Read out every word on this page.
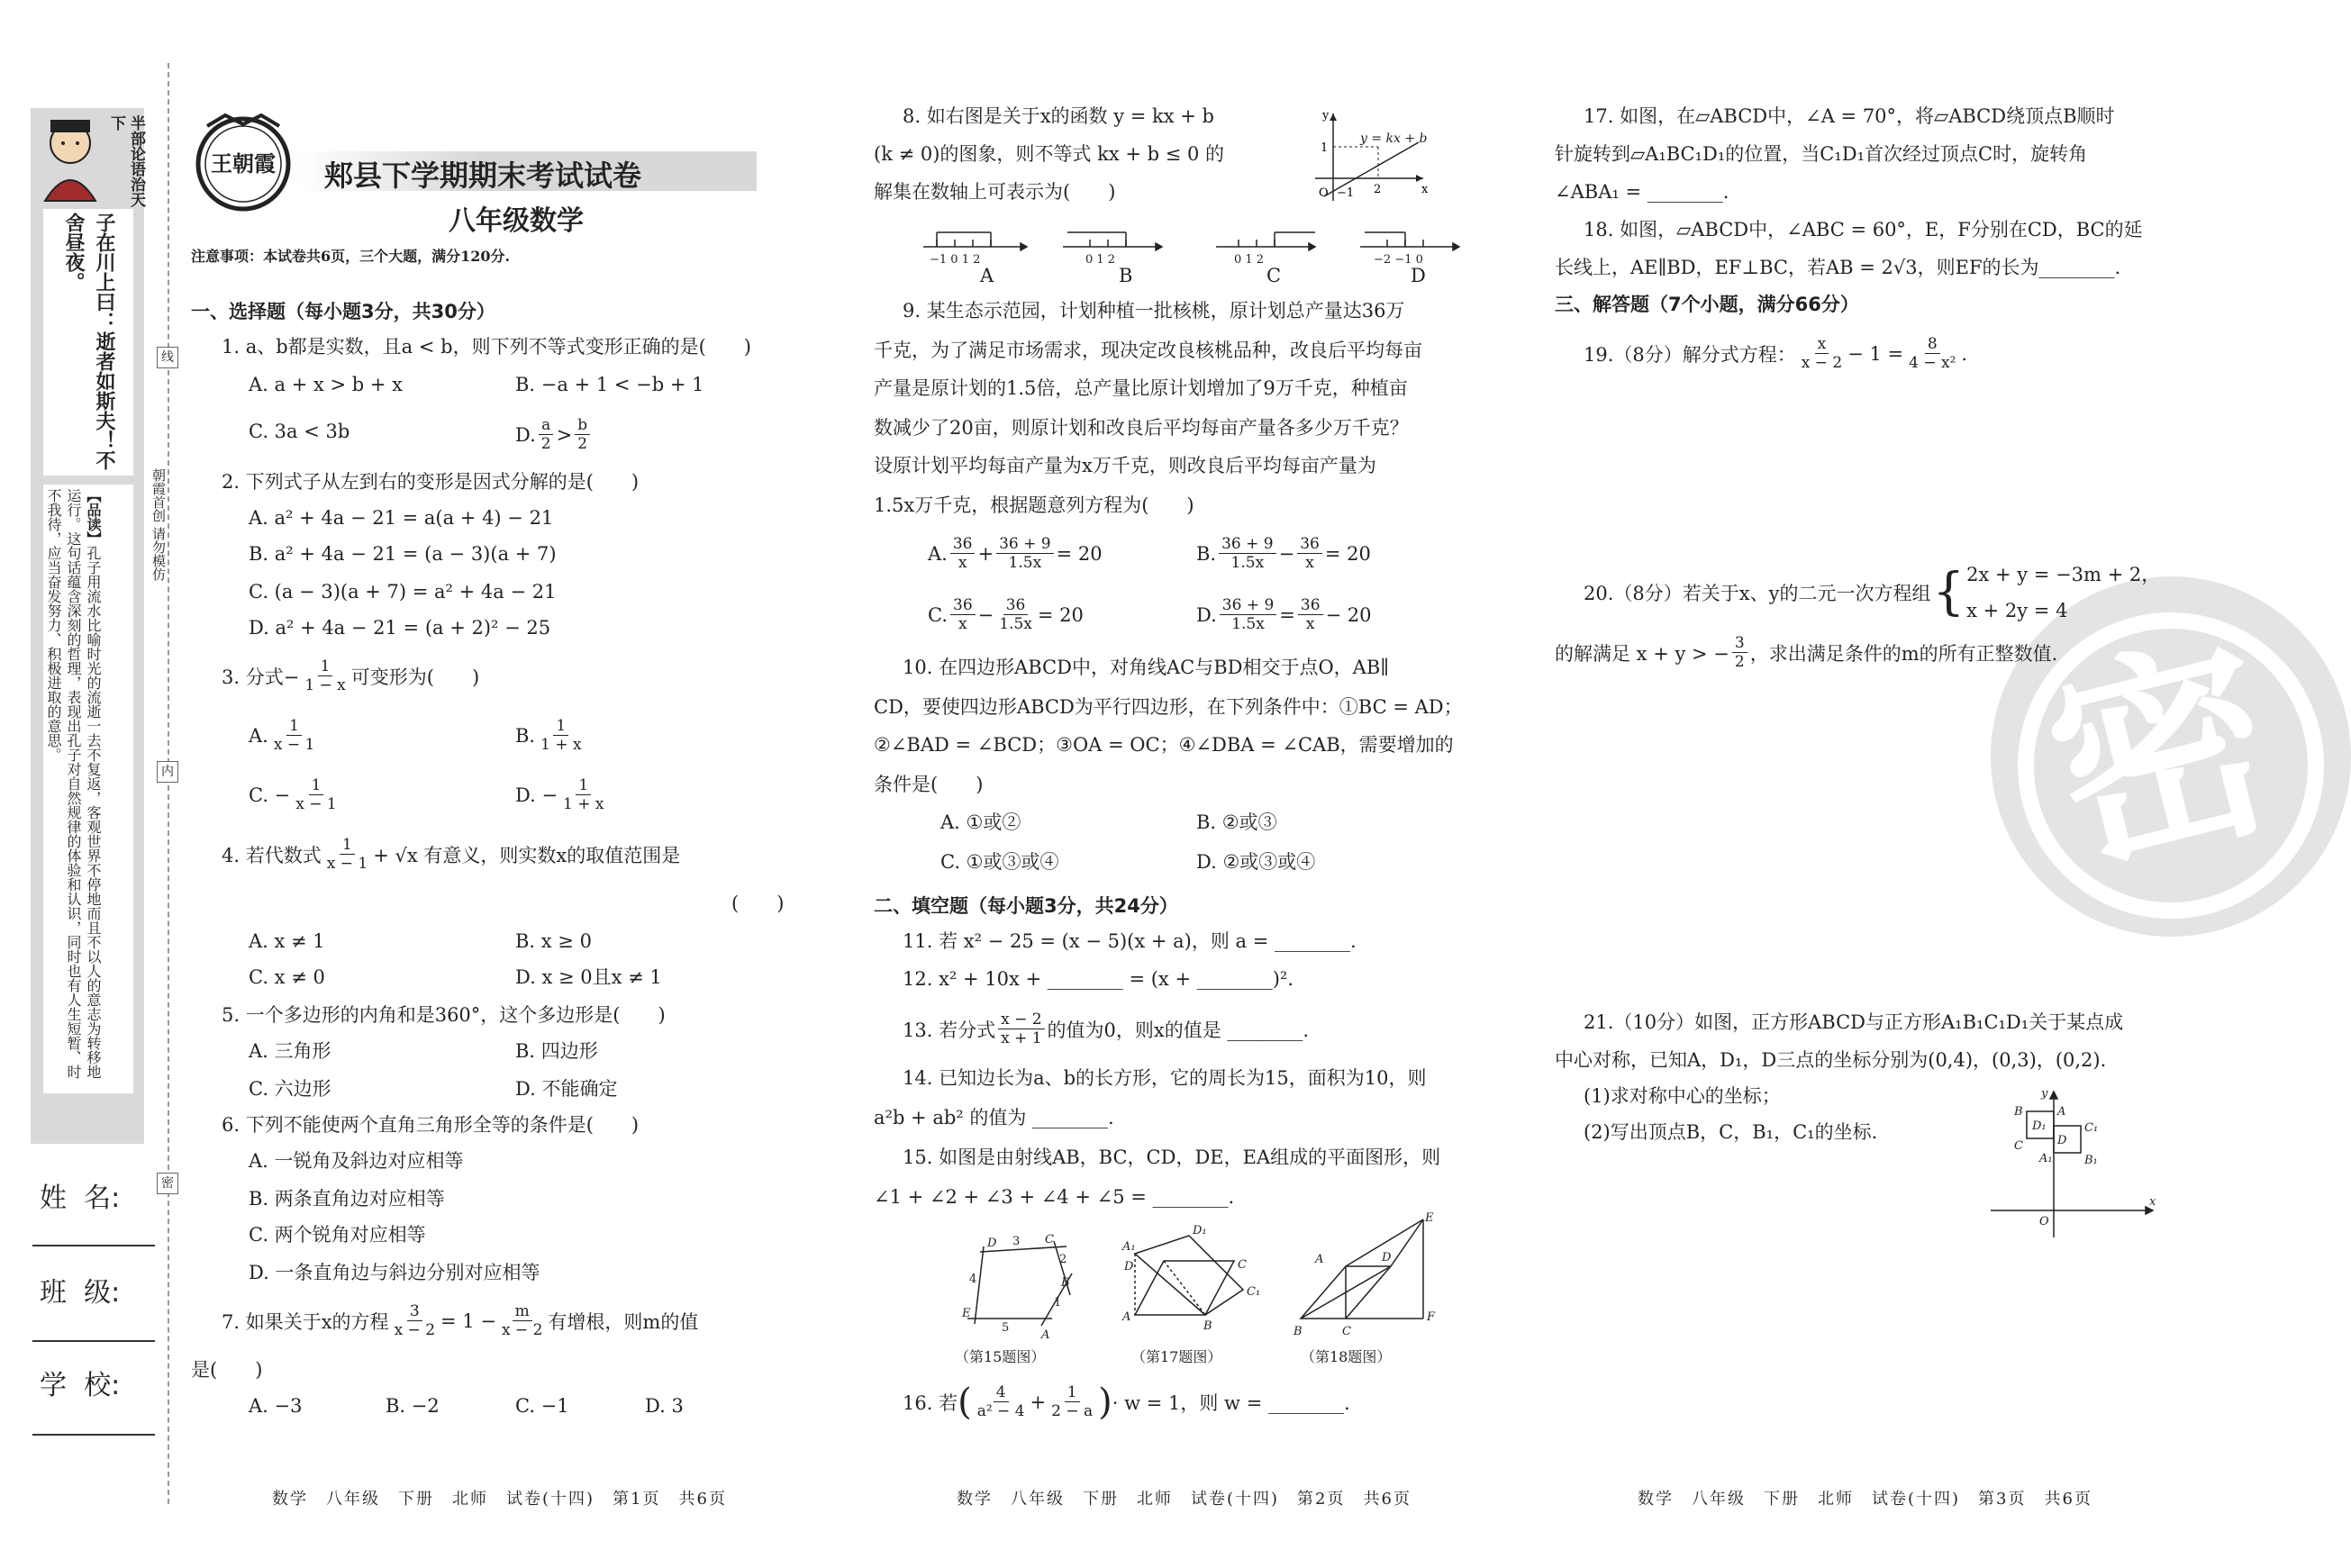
半部论语治天下
子在川上曰：逝者如斯夫！不舍昼夜。
【品读】孔子用流水比喻时光的流逝一去不复返，客观世界不停地而且不以人的意志为转移地运行。这句话蕴含深刻的哲理，表现出孔子对自然规律的体验和认识，同时也有人生短暂、时不我待，应当奋发努力、积极进取的意思。	朝霞首创 请勿模仿
线
内
密
姓  名:
班  级:
学  校:
王朝霞 郏县下学期期末考试试卷
八年级数学
注意事项：本试卷共6页，三个大题，满分120分.
一、选择题（每小题3分，共30分）
1. a、b都是实数，且a < b，则下列不等式变形正确的是(　　)
A. a + x > b + x	B. −a + 1 < −b + 1
C. 3a < 3b	D. $\frac{a}{2} > \frac{b}{2}$
2. 下列式子从左到右的变形是因式分解的是(　　)
A. a² + 4a − 21 = a(a + 4) − 21
B. a² + 4a − 21 = (a − 3)(a + 7)
C. (a − 3)(a + 7) = a² + 4a − 21
D. a² + 4a − 21 = (a + 2)² − 25
3. 分式− $\frac{1}{1 - x}$ 可变形为(　　)
A. $\frac{1}{x - 1}$	B. $\frac{1}{1 + x}$
C. − $\frac{1}{x - 1}$	D. − $\frac{1}{1 + x}$
4. 若代数式 $\frac{1}{x - 1} + √x$ 有意义，则实数x的取值范围是
(　　)
A. x ≠ 1	B. x ≥ 0
C. x ≠ 0	D. x ≥ 0且x ≠ 1
5. 一个多边形的内角和是360°，这个多边形是(　　)
A. 三角形	B. 四边形
C. 六边形	D. 不能确定
6. 下列不能使两个直角三角形全等的条件是(　　)
A. 一锐角及斜边对应相等
B. 两条直角边对应相等
C. 两个锐角对应相等
D. 一条直角边与斜边分别对应相等
7. 如果关于x的方程 $\frac{3}{x - 2} = 1 - \frac{m}{x - 2}$ 有增根，则m的值
是(　　)
A. −3	B. −2	C. −1	D. 3
数学　八年级　下册　北师　试卷(十四)　第1页　共6页
8. 如右图是关于x的函数 y = kx + b
(k ≠ 0)的图象，则不等式 kx + b ≤ 0 的
解集在数轴上可表示为(　　)	O −1 2
1
y
x
y = kx + b
−1 0 1 2	0 1 2	0 1 2	−2 −1 0
A	B	C	D
9. 某生态示范园，计划种植一批核桃，原计划总产量达36万
千克，为了满足市场需求，现决定改良核桃品种，改良后平均每亩
产量是原计划的1.5倍，总产量比原计划增加了9万千克，种植亩
数减少了20亩，则原计划和改良后平均每亩产量各多少万千克？
设原计划平均每亩产量为x万千克，则改良后平均每亩产量为
1.5x万千克，根据题意列方程为(　　)
A. $\frac{36}{x} + \frac{36 + 9}{1.5x} = 20$	B. $\frac{36 + 9}{1.5x} - \frac{36}{x} = 20$
C. $\frac{36}{x} - \frac{36}{1.5x} = 20$	D. $\frac{36 + 9}{1.5x} = \frac{36}{x} - 20$
10. 在四边形ABCD中，对角线AC与BD相交于点O，AB∥
CD，要使四边形ABCD为平行四边形，在下列条件中：①BC = AD；
②∠BAD = ∠BCD；③OA = OC；④∠DBA = ∠CAB，需要增加的
条件是(　　)
A. ①或②	B. ②或③
C. ①或③或④	D. ②或③或④
二、填空题（每小题3分，共24分）
11. 若 x² − 25 = (x − 5)(x + a)，则 a = ________.
12. x² + 10x + ________ = (x + ________)².
13. 若分式 $\frac{x - 2}{x + 1}$ 的值为0，则x的值是 ________.
14. 已知边长为a、b的长方形，它的周长为15，面积为10，则
a²b + ab² 的值为 ________.
15. 如图是由射线AB，BC，CD，DE，EA组成的平面图形，则
∠1 + ∠2 + ∠3 + ∠4 + ∠5 = ________.
D	C
B
A
E
3
2
1
5
4
A₁
D₁
D	C
C₁
A
B
A	D
E
B	C
F
（第15题图）	（第17题图）	（第18题图）
16. 若 ( $\frac{4}{\text{a² − 4}} + \frac{1}{2 - a}$ ) · w = 1，则 w = ________.
数学　八年级　下册　北师　试卷(十四)　第2页　共6页
密
17. 如图，在▱ABCD中，∠A = 70°，将▱ABCD绕顶点B顺时
针旋转到▱A₁BC₁D₁的位置，当C₁D₁首次经过顶点C时，旋转角
∠ABA₁ = ________.
18. 如图，▱ABCD中，∠ABC = 60°，E，F分别在CD，BC的延
长线上，AE∥BD，EF⊥BC，若AB = 2√3，则EF的长为________.
三、解答题（7个小题，满分66分）
19.（8分）解分式方程： $\frac{x}{x - 2} - 1 = \frac{8}{\text{4 − x²}}$ .
20.（8分）若关于x、y的二元一次方程组 { 2x + y = −3m + 2，
x + 2y = 4
的解满足 x + y > − $\frac{3}{2}$ ，求出满足条件的m的所有正整数值.
21.（10分）如图，正方形ABCD与正方形A₁B₁C₁D₁关于某点成
中心对称，已知A，D₁，D三点的坐标分别为(0,4)，(0,3)，(0,2).
(1)求对称中心的坐标；
(2)写出顶点B，C，B₁，C₁的坐标.
y
x
O
B	A
D₁	C₁
C	D
A₁	B₁
数学　八年级　下册　北师　试卷(十四)　第3页　共6页
